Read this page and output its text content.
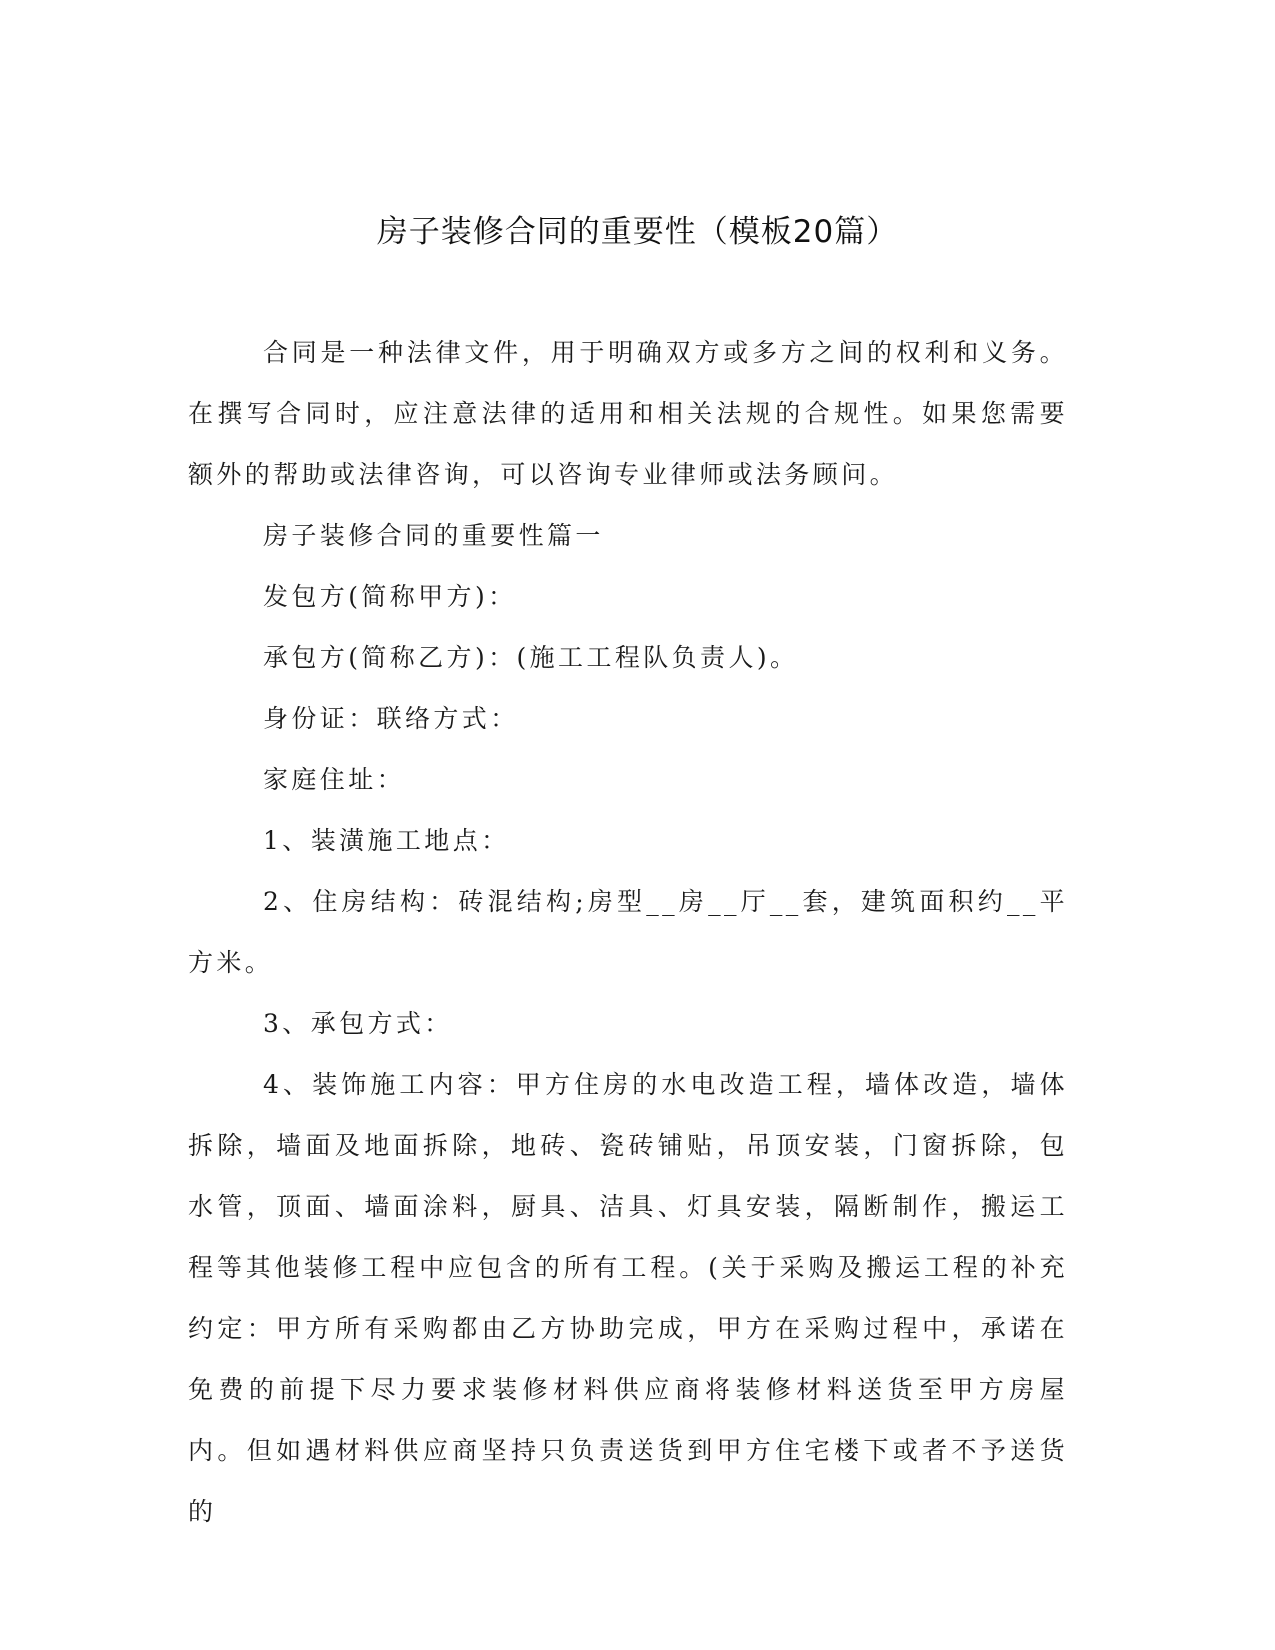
房子装修合同的重要性（模板20篇）

合同是一种法律文件，用于明确双方或多方之间的权利和义务。在撰写合同时，应注意法律的适用和相关法规的合规性。如果您需要额外的帮助或法律咨询，可以咨询专业律师或法务顾问。

房子装修合同的重要性篇一

发包方(简称甲方)：

承包方(简称乙方)：(施工工程队负责人)。

身份证：联络方式：

家庭住址：

1、装潢施工地点：

2、住房结构：砖混结构;房型__房__厅__套，建筑面积约__平方米。

3、承包方式：

4、装饰施工内容：甲方住房的水电改造工程，墙体改造，墙体拆除，墙面及地面拆除，地砖、瓷砖铺贴，吊顶安装，门窗拆除，包水管，顶面、墙面涂料，厨具、洁具、灯具安装，隔断制作，搬运工程等其他装修工程中应包含的所有工程。(关于采购及搬运工程的补充约定：甲方所有采购都由乙方协助完成，甲方在采购过程中，承诺在免费的前提下尽力要求装修材料供应商将装修材料送货至甲方房屋内。但如遇材料供应商坚持只负责送货到甲方住宅楼下或者不予送货的
